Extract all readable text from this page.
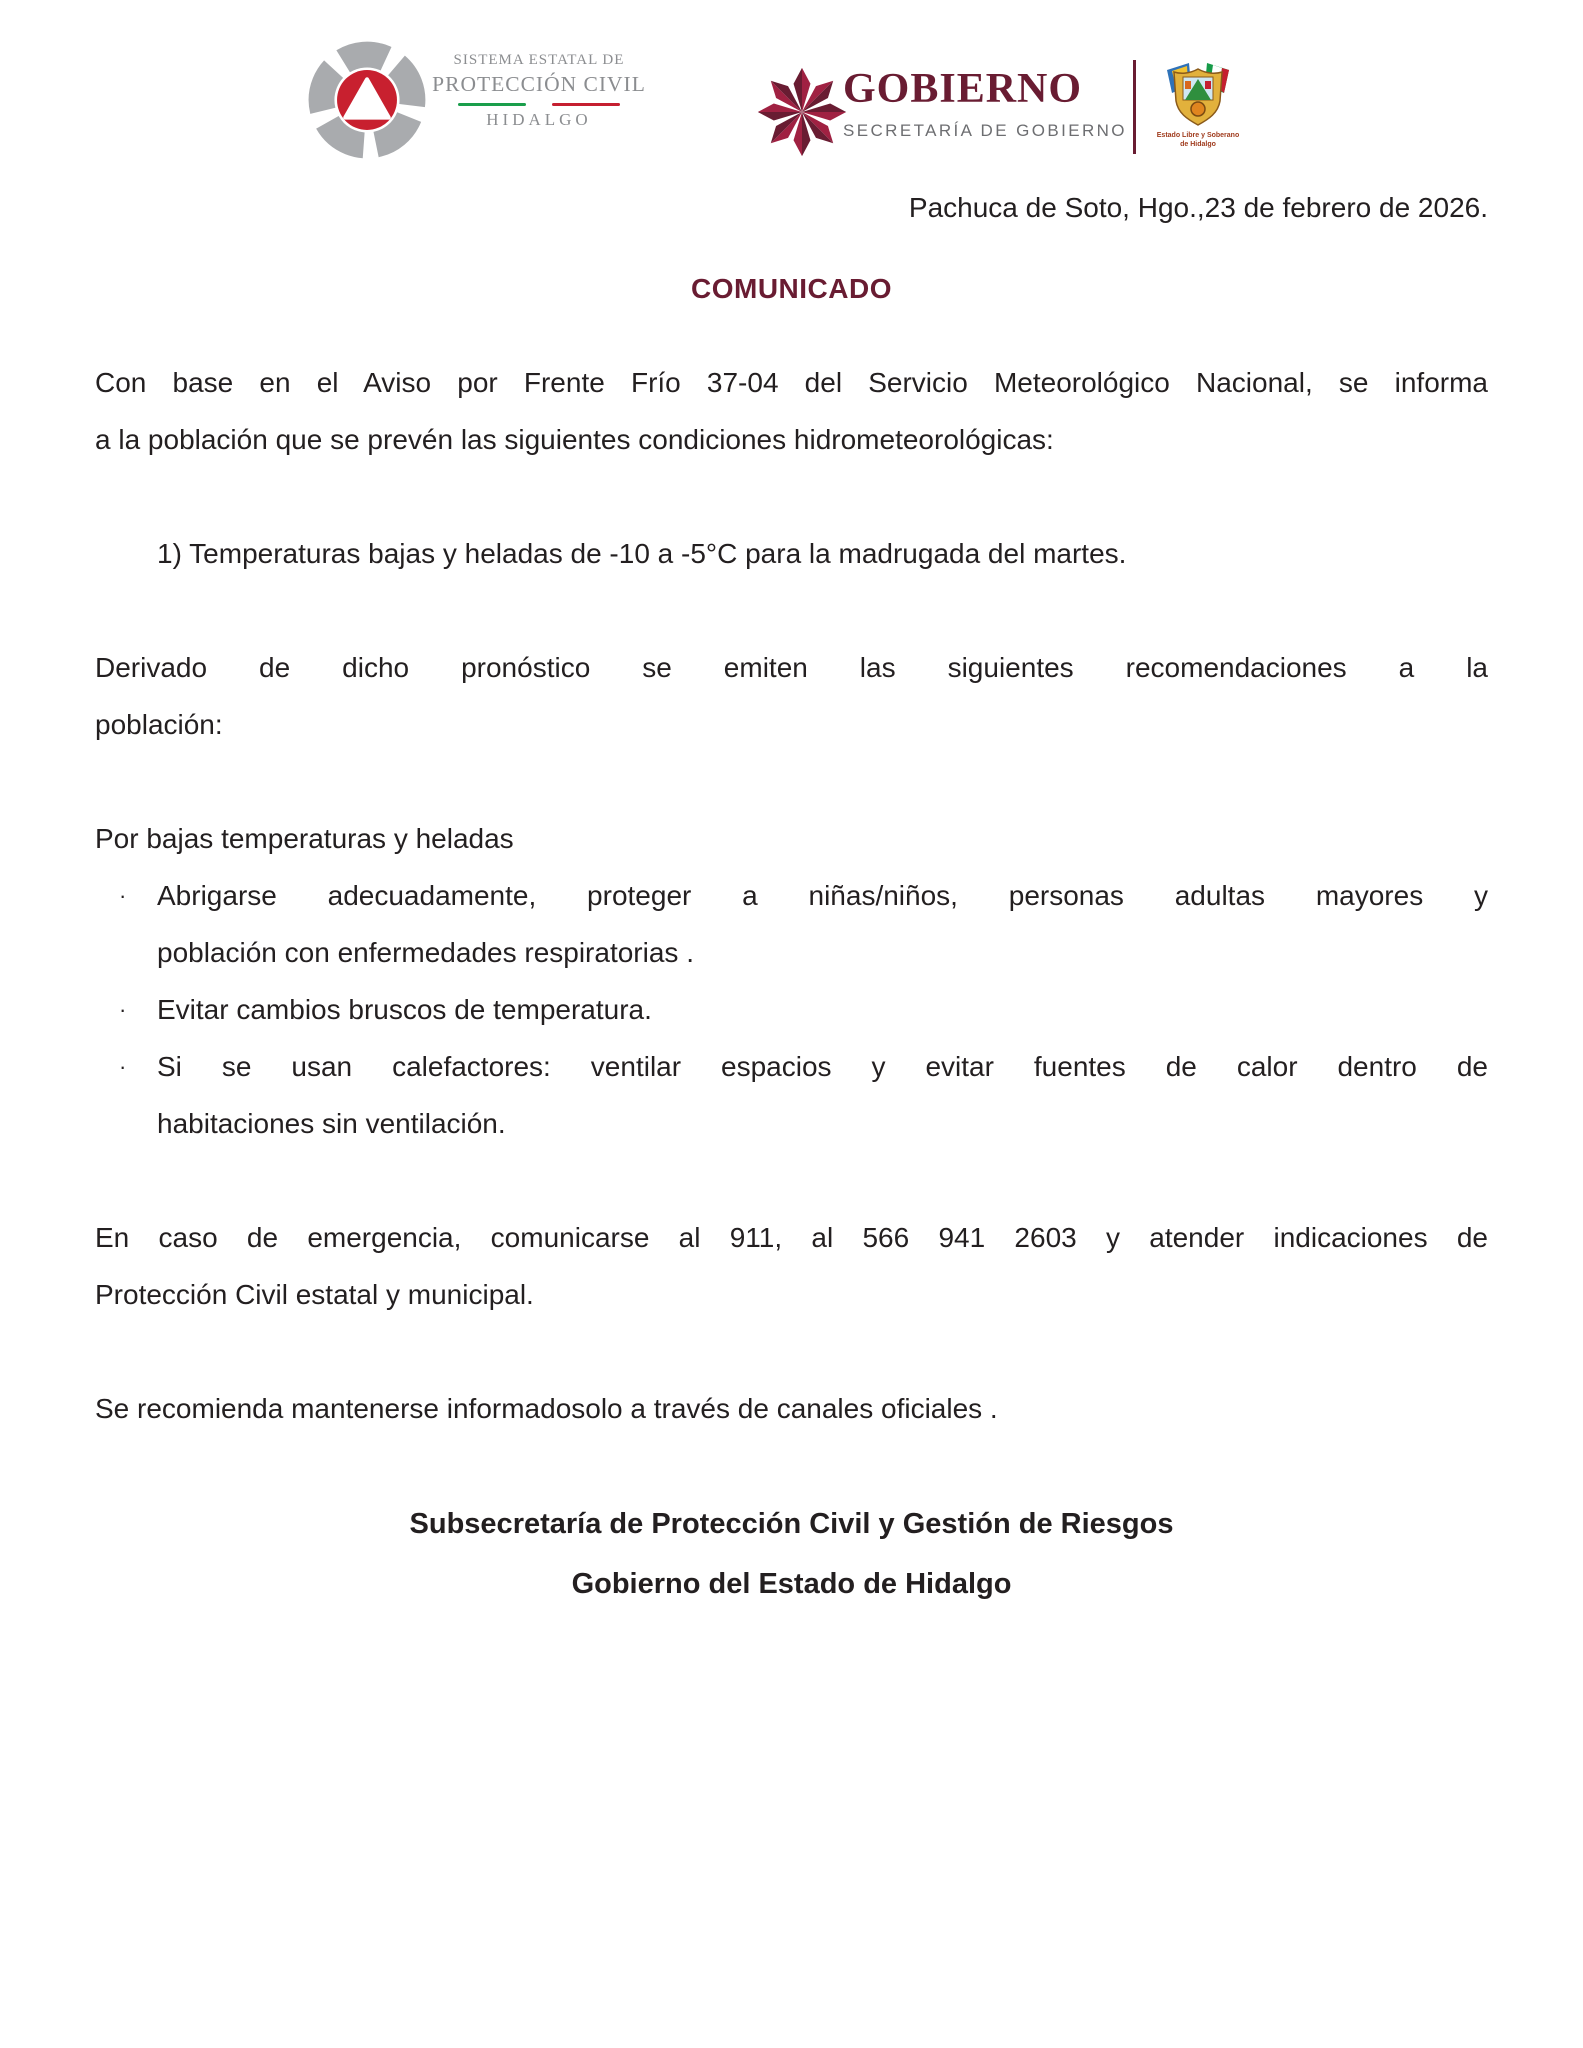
SISTEMA ESTATAL DE
PROTECCIÓN CIVIL
HIDALGO
GOBIERNO
SECRETARÍA DE GOBIERNO	Estado Libre y Soberano
de Hidalgo
Pachuca de Soto, Hgo.,23 de febrero de 2026.
COMUNICADO

Con base en el Aviso por Frente Frío 37-04 del Servicio Meteorológico Nacional, se informa
a la población que se prevén las siguientes condiciones hidrometeorológicas:

1) Temperaturas bajas y heladas de -10 a -5°C para la madrugada del martes.

Derivado de dicho pronóstico se emiten las siguientes recomendaciones a la
población:

Por bajas temperaturas y heladas

·	Abrigarse adecuadamente, proteger a niñas/niños, personas adultas mayores y
población con enfermedades respiratorias .
·	Evitar cambios bruscos de temperatura.
·	Si se usan calefactores: ventilar espacios y evitar fuentes de calor dentro de
habitaciones sin ventilación.

En caso de emergencia, comunicarse al 911, al 566 941 2603 y atender indicaciones de
Protección Civil estatal y municipal.

Se recomienda mantenerse informadosolo a través de canales oficiales .

Subsecretaría de Protección Civil y Gestión de Riesgos
Gobierno del Estado de Hidalgo
